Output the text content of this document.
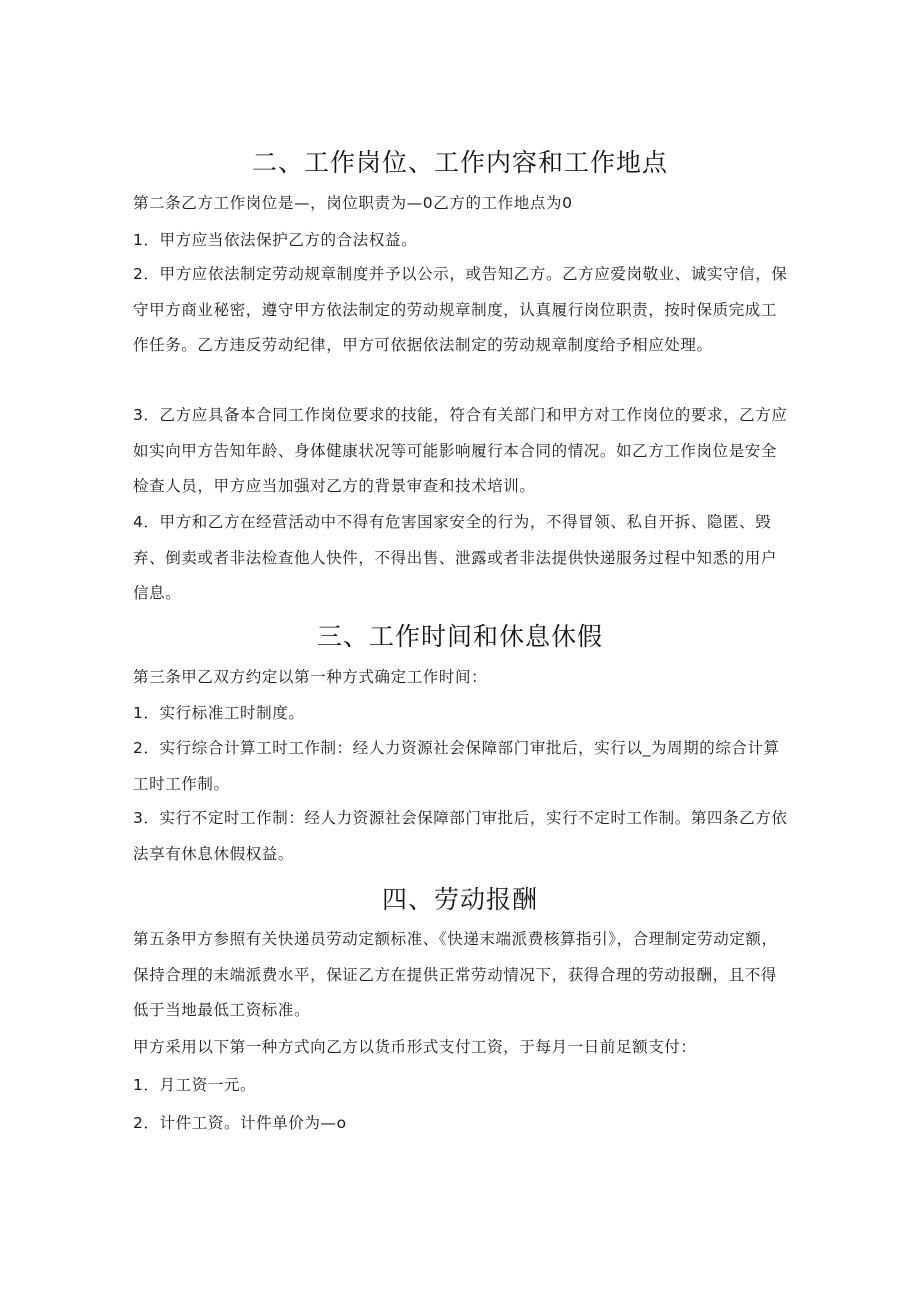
二、工作岗位、工作内容和工作地点
第二条乙方工作岗位是—，岗位职责为—0乙方的工作地点为0
1．甲方应当依法保护乙方的合法权益。
2．甲方应依法制定劳动规章制度并予以公示，或告知乙方。乙方应爱岗敬业、诚实守信，保守甲方商业秘密，遵守甲方依法制定的劳动规章制度，认真履行岗位职责，按时保质完成工作任务。乙方违反劳动纪律，甲方可依据依法制定的劳动规章制度给予相应处理。
3．乙方应具备本合同工作岗位要求的技能，符合有关部门和甲方对工作岗位的要求，乙方应如实向甲方告知年龄、身体健康状况等可能影响履行本合同的情况。如乙方工作岗位是安全检查人员，甲方应当加强对乙方的背景审查和技术培训。
4．甲方和乙方在经营活动中不得有危害国家安全的行为，不得冒领、私自开拆、隐匿、毁弃、倒卖或者非法检查他人快件，不得出售、泄露或者非法提供快递服务过程中知悉的用户信息。
三、工作时间和休息休假
第三条甲乙双方约定以第一种方式确定工作时间：
1．实行标准工时制度。
2．实行综合计算工时工作制：经人力资源社会保障部门审批后，实行以_为周期的综合计算工时工作制。
3．实行不定时工作制：经人力资源社会保障部门审批后，实行不定时工作制。第四条乙方依法享有休息休假权益。
四、劳动报酬
第五条甲方参照有关快递员劳动定额标准、《快递末端派费核算指引》，合理制定劳动定额，保持合理的末端派费水平，保证乙方在提供正常劳动情况下，获得合理的劳动报酬，且不得低于当地最低工资标准。
甲方采用以下第一种方式向乙方以货币形式支付工资，于每月一日前足额支付：
1．月工资一元。
2．计件工资。计件单价为—o
